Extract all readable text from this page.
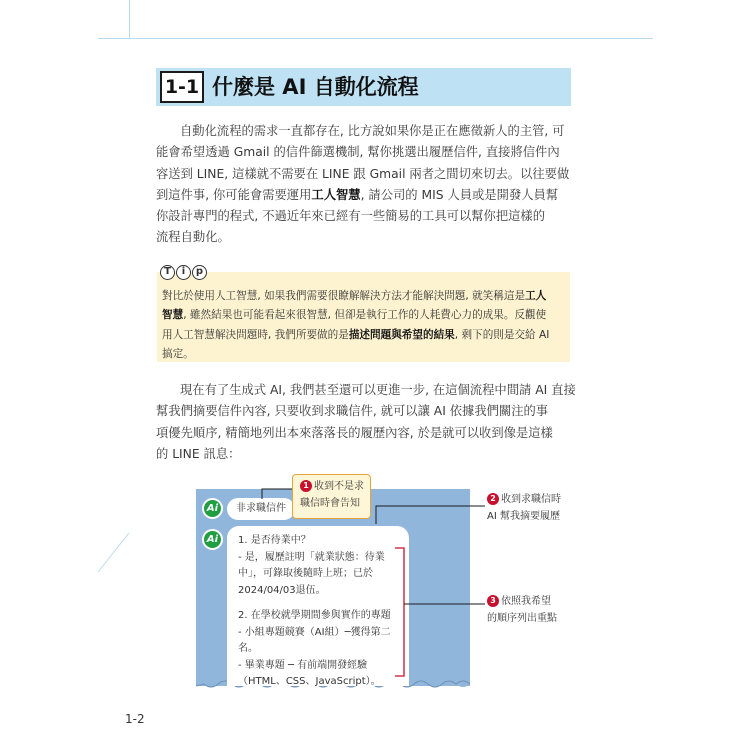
1-1 什麼是 AI 自動化流程
自動化流程的需求一直都存在, 比方說如果你是正在應徵新人的主管, 可
能會希望透過 Gmail 的信件篩選機制, 幫你挑選出履歷信件, 直接將信件內
容送到 LINE, 這樣就不需要在 LINE 跟 Gmail 兩者之間切來切去。以往要做
到這件事, 你可能會需要運用工人智慧, 請公司的 MIS 人員或是開發人員幫
你設計專門的程式, 不過近年來已經有一些簡易的工具可以幫你把這樣的
流程自動化。
T	i	p
對比於使用人工智慧, 如果我們需要很瞭解解決方法才能解決問題, 就笑稱這是工人
智慧, 雖然結果也可能看起來很智慧, 但卻是執行工作的人耗費心力的成果。反觀使
用人工智慧解決問題時, 我們所要做的是描述問題與希望的結果, 剩下的則是交給 AI
搞定。
現在有了生成式 AI, 我們甚至還可以更進一步, 在這個流程中間請 AI 直接
幫我們摘要信件內容, 只要收到求職信件, 就可以讓 AI 依據我們關注的事
項優先順序, 精簡地列出本來落落長的履歷內容, 於是就可以收到像是這樣
的 LINE 訊息：
Ai
Ai
非求職信件
1. 是否待業中？
- 是，履歷註明「就業狀態：待業
中」，可錄取後隨時上班；已於
2024/04/03退伍。
2. 在學校就學期間參與實作的專題
- 小組專題競賽（AI組）─獲得第二
名。
- 畢業專題 ─ 有前端開發經驗
（HTML、CSS、JavaScript）。
1 收到不是求
職信時會告知	2 收到求職信時
AI 幫我摘要履歷
3 依照我希望
的順序列出重點
1-2
